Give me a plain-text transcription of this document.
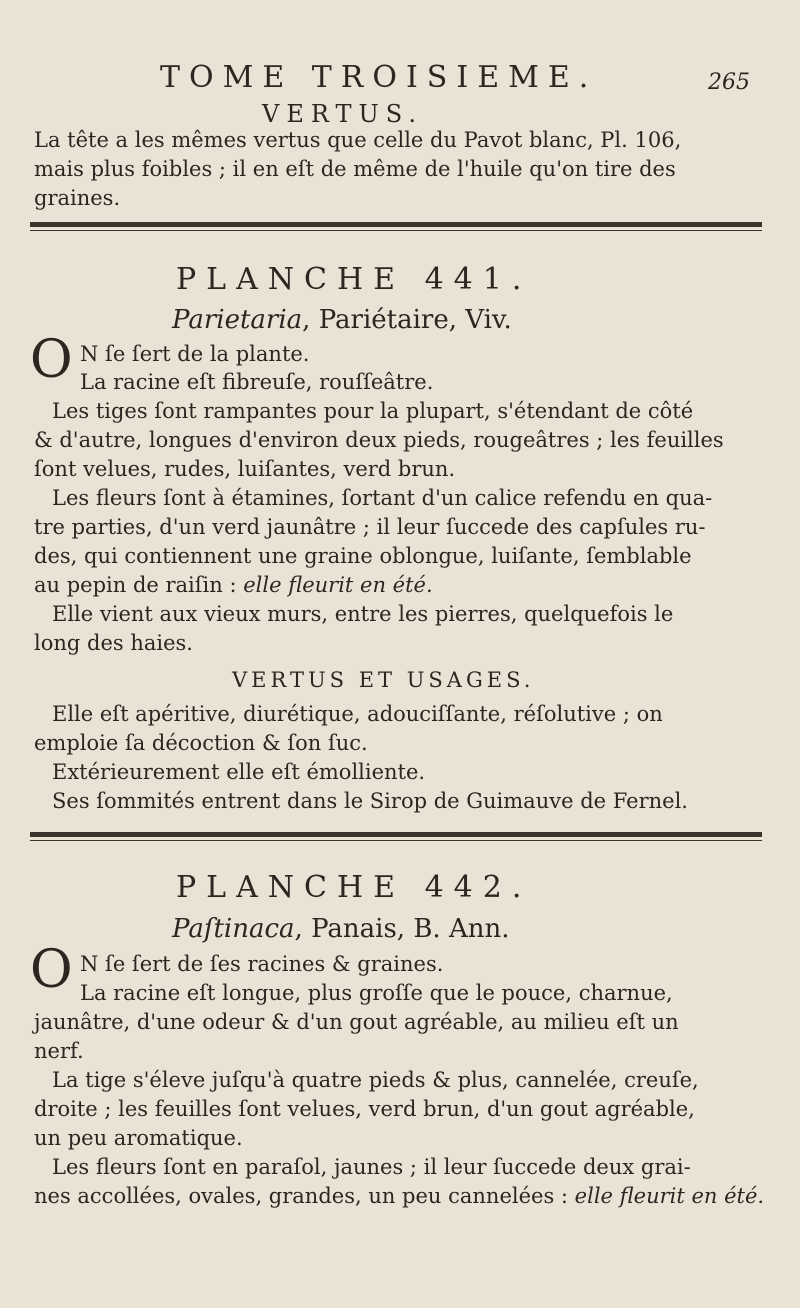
TOME TROISIEME.	265
VERTUS.
La tête a les mêmes vertus que celle du Pavot blanc, Pl. 106,
mais plus foibles ; il en eſt de même de l'huile qu'on tire des
graines.
PLANCHE 441.
Parietaria, Pariétaire, Viv.
O N ſe ſert de la plante.
La racine eſt fibreuſe, rouſſeâtre.
Les tiges ſont rampantes pour la plupart, s'étendant de côté
& d'autre, longues d'environ deux pieds, rougeâtres ; les feuilles
ſont velues, rudes, luiſantes, verd brun.
Les fleurs ſont à étamines, ſortant d'un calice refendu en qua-
tre parties, d'un verd jaunâtre ; il leur ſuccede des capſules ru-
des, qui contiennent une graine oblongue, luiſante, ſemblable
au pepin de raiſin : elle fleurit en été.
Elle vient aux vieux murs, entre les pierres, quelquefois le
long des haies.
VERTUS ET USAGES.
Elle eſt apéritive, diurétique, adouciſſante, réſolutive ; on
emploie ſa décoction & ſon ſuc.
Extérieurement elle eſt émolliente.
Ses ſommités entrent dans le Sirop de Guimauve de Fernel.
PLANCHE 442.
Paſtinaca, Panais, B. Ann.
O N ſe ſert de ſes racines & graines.
La racine eſt longue, plus groſſe que le pouce, charnue,
jaunâtre, d'une odeur & d'un gout agréable, au milieu eſt un
nerf.
La tige s'éleve juſqu'à quatre pieds & plus, cannelée, creuſe,
droite ; les feuilles ſont velues, verd brun, d'un gout agréable,
un peu aromatique.
Les fleurs ſont en paraſol, jaunes ; il leur ſuccede deux grai-
nes accollées, ovales, grandes, un peu cannelées : elle fleurit en été.
